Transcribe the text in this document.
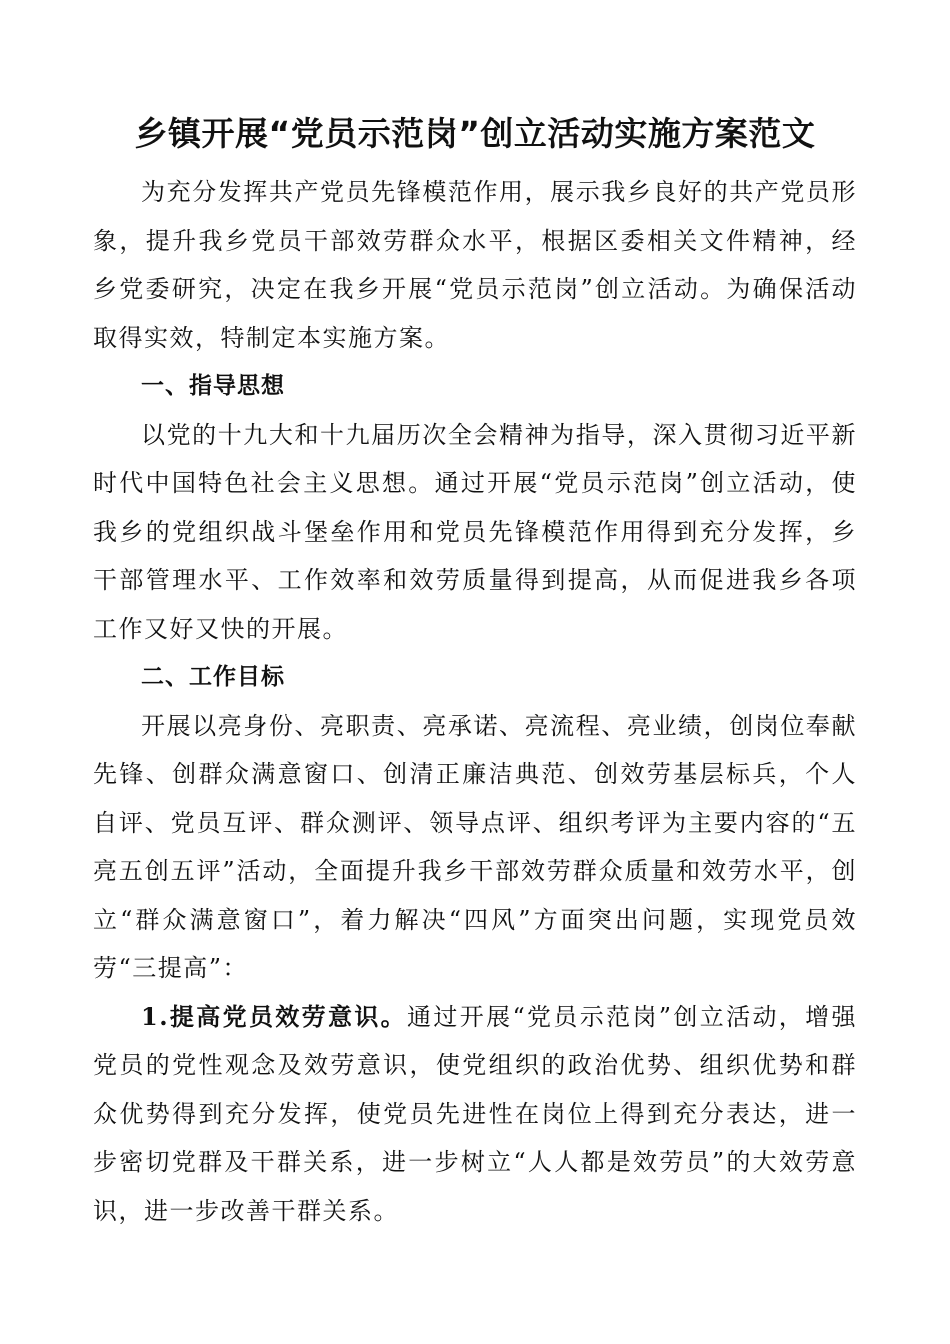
乡镇开展“党员示范岗”创立活动实施方案范文

为充分发挥共产党员先锋模范作用，展示我乡良好的共产党员形象，提升我乡党员干部效劳群众水平，根据区委相关文件精神，经乡党委研究，决定在我乡开展“党员示范岗”创立活动。为确保活动取得实效，特制定本实施方案。

一、指导思想

以党的十九大和十九届历次全会精神为指导，深入贯彻习近平新时代中国特色社会主义思想。通过开展“党员示范岗”创立活动，使我乡的党组织战斗堡垒作用和党员先锋模范作用得到充分发挥，乡干部管理水平、工作效率和效劳质量得到提高，从而促进我乡各项工作又好又快的开展。

二、工作目标

开展以亮身份、亮职责、亮承诺、亮流程、亮业绩，创岗位奉献先锋、创群众满意窗口、创清正廉洁典范、创效劳基层标兵，个人自评、党员互评、群众测评、领导点评、组织考评为主要内容的“五亮五创五评”活动，全面提升我乡干部效劳群众质量和效劳水平，创立“群众满意窗口”，着力解决“四风”方面突出问题，实现党员效劳“三提高”：

1.提高党员效劳意识。通过开展“党员示范岗”创立活动，增强党员的党性观念及效劳意识，使党组织的政治优势、组织优势和群众优势得到充分发挥，使党员先进性在岗位上得到充分表达，进一步密切党群及干群关系，进一步树立“人人都是效劳员”的大效劳意识，进一步改善干群关系。
